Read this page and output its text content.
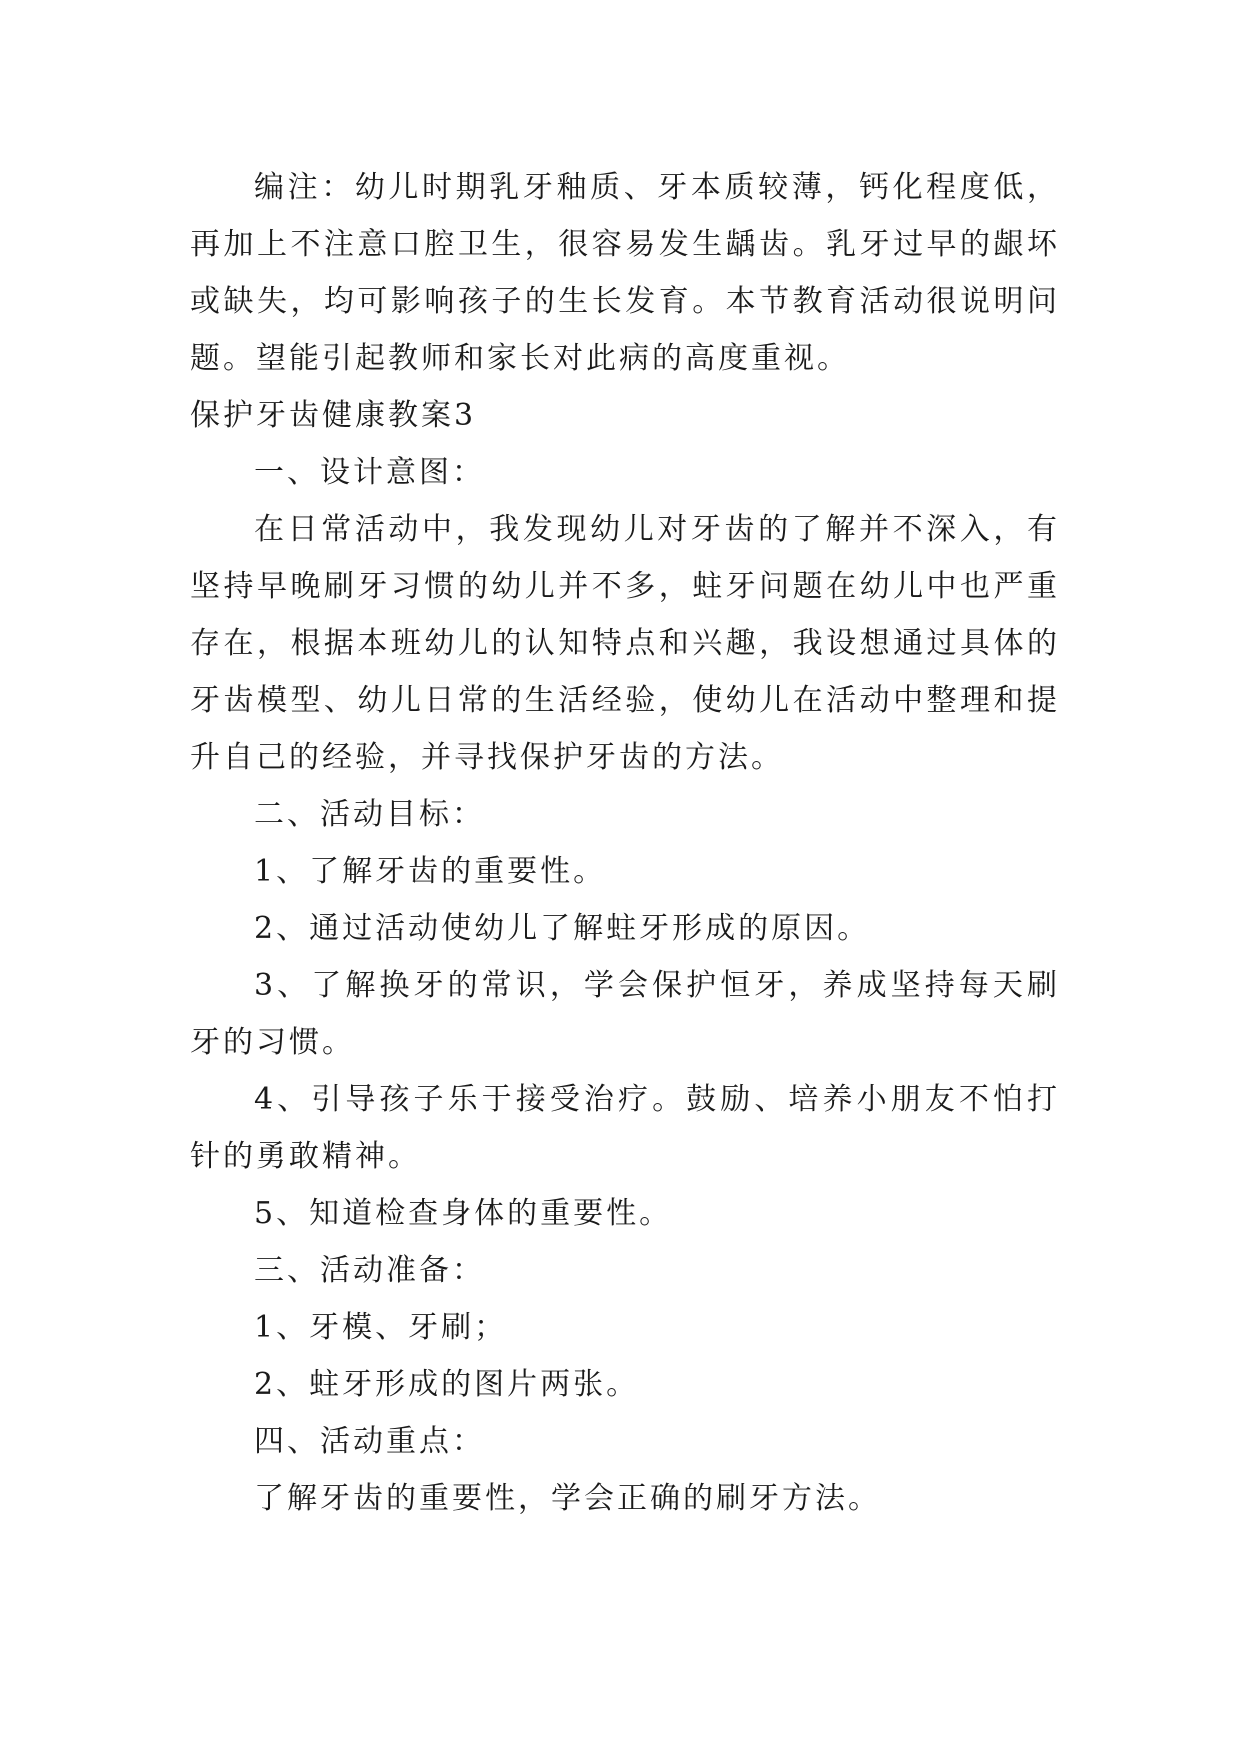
编注：幼儿时期乳牙釉质、牙本质较薄，钙化程度低，再加上不注意口腔卫生，很容易发生龋齿。乳牙过早的龈坏或缺失，均可影响孩子的生长发育。本节教育活动很说明问题。望能引起教师和家长对此病的高度重视。

保护牙齿健康教案3

一、设计意图：

在日常活动中，我发现幼儿对牙齿的了解并不深入，有坚持早晚刷牙习惯的幼儿并不多，蛀牙问题在幼儿中也严重存在，根据本班幼儿的认知特点和兴趣，我设想通过具体的牙齿模型、幼儿日常的生活经验，使幼儿在活动中整理和提升自己的经验，并寻找保护牙齿的方法。

二、活动目标：

1、了解牙齿的重要性。

2、通过活动使幼儿了解蛀牙形成的原因。

3、了解换牙的常识，学会保护恒牙，养成坚持每天刷牙的习惯。

4、引导孩子乐于接受治疗。鼓励、培养小朋友不怕打针的勇敢精神。

5、知道检查身体的重要性。

三、活动准备：

1、牙模、牙刷；

2、蛀牙形成的图片两张。

四、活动重点：

了解牙齿的重要性，学会正确的刷牙方法。
